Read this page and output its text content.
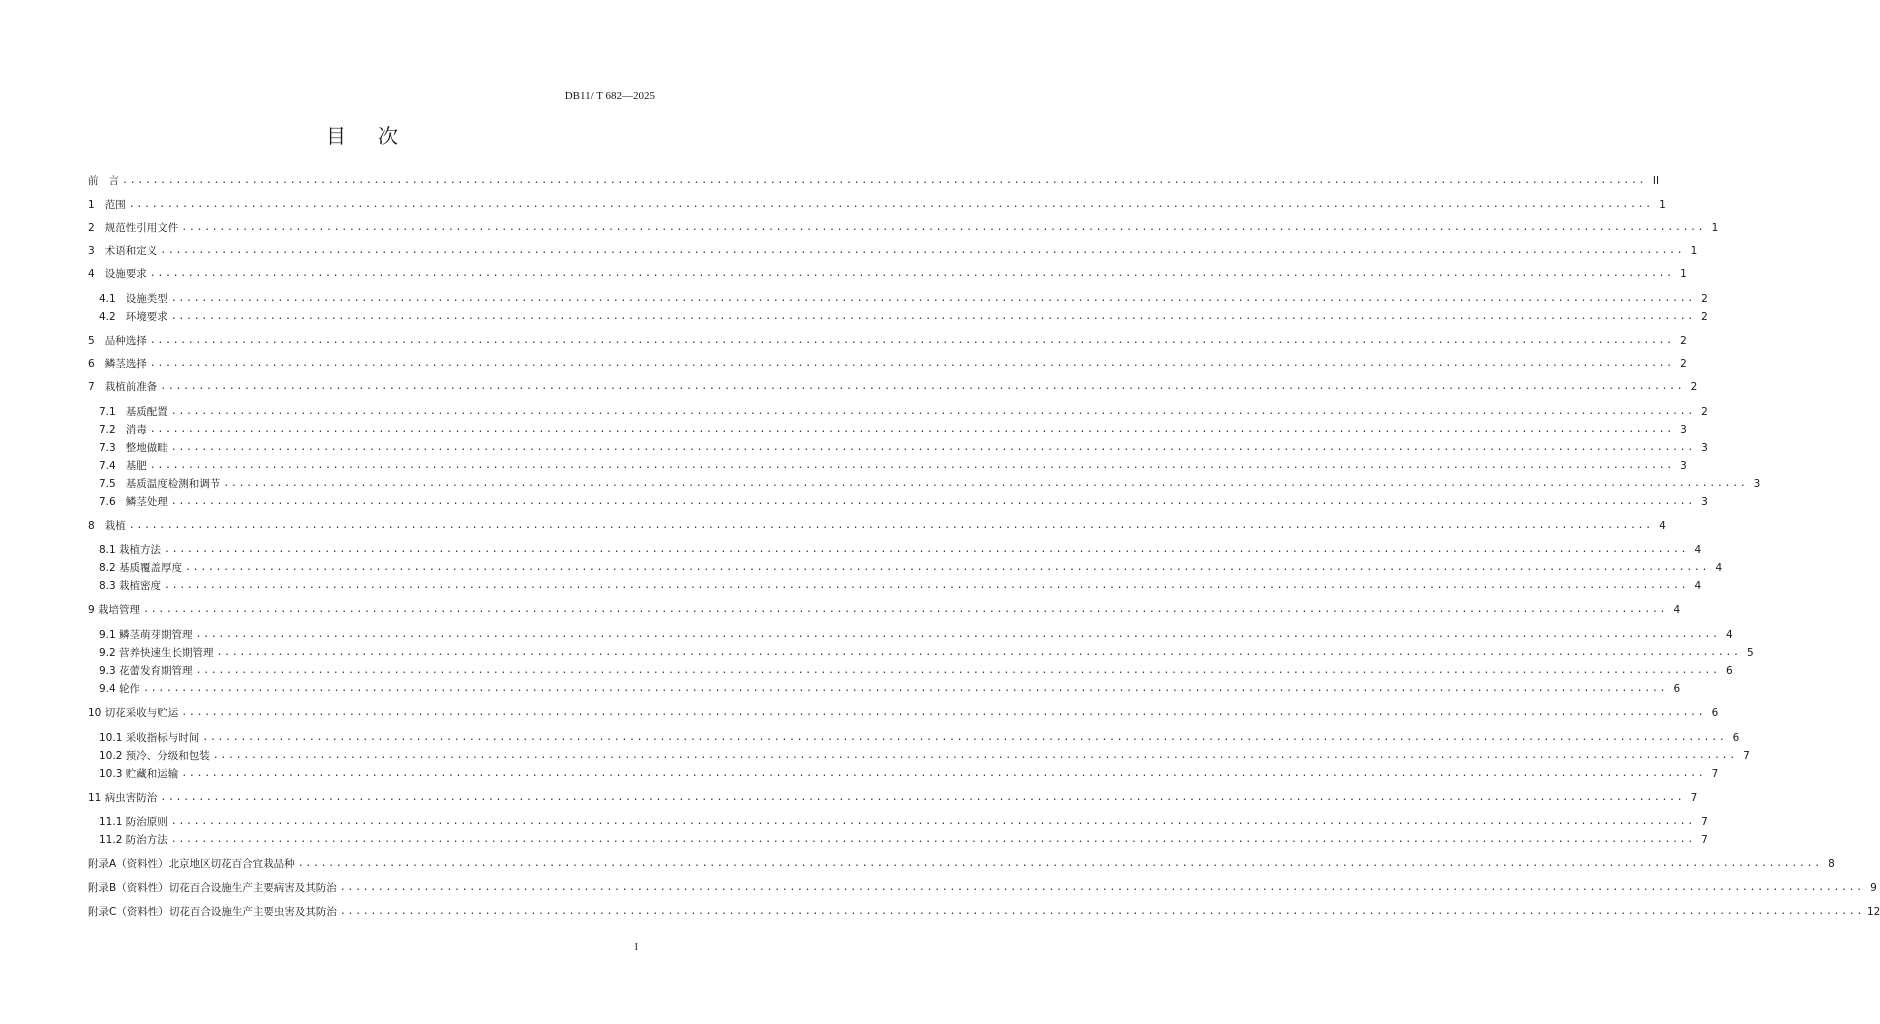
DB11/ T 682—2025
目次
前 言 ........................................................................................................................................................................................................ II
1 范围 ........................................................................................................................................................................................................ 1
2 规范性引用文件 ........................................................................................................................................................................................................ 1
3 术语和定义 ........................................................................................................................................................................................................ 1
4 设施要求 ........................................................................................................................................................................................................ 1
4.1 设施类型 ........................................................................................................................................................................................................ 2
4.2 环境要求 ........................................................................................................................................................................................................ 2
5 品种选择 ........................................................................................................................................................................................................ 2
6 鳞茎选择 ........................................................................................................................................................................................................ 2
7 栽植前准备 ........................................................................................................................................................................................................ 2
7.1 基质配置 ........................................................................................................................................................................................................ 2
7.2 消毒 ........................................................................................................................................................................................................ 3
7.3 整地做畦 ........................................................................................................................................................................................................ 3
7.4 基肥 ........................................................................................................................................................................................................ 3
7.5 基质温度检测和调节 ........................................................................................................................................................................................................ 3
7.6 鳞茎处理 ........................................................................................................................................................................................................ 3
8 栽植 ........................................................................................................................................................................................................ 4
8.1 栽植方法 ........................................................................................................................................................................................................ 4
8.2 基质覆盖厚度 ........................................................................................................................................................................................................ 4
8.3 栽植密度 ........................................................................................................................................................................................................ 4
9 栽培管理 ........................................................................................................................................................................................................ 4
9.1 鳞茎萌芽期管理 ........................................................................................................................................................................................................ 4
9.2 营养快速生长期管理 ........................................................................................................................................................................................................ 5
9.3 花蕾发育期管理 ........................................................................................................................................................................................................ 6
9.4 轮作 ........................................................................................................................................................................................................ 6
10 切花采收与贮运 ........................................................................................................................................................................................................ 6
10.1 采收指标与时间 ........................................................................................................................................................................................................ 6
10.2 预冷、分级和包装 ........................................................................................................................................................................................................ 7
10.3 贮藏和运输 ........................................................................................................................................................................................................ 7
11 病虫害防治 ........................................................................................................................................................................................................ 7
11.1 防治原则 ........................................................................................................................................................................................................ 7
11.2 防治方法 ........................................................................................................................................................................................................ 7
附录A（资料性）北京地区切花百合宜栽品种 ........................................................................................................................................................................................................ 8
附录B（资料性）切花百合设施生产主要病害及其防治 ........................................................................................................................................................................................................ 9
附录C（资料性）切花百合设施生产主要虫害及其防治 ........................................................................................................................................................................................................ 12
I
